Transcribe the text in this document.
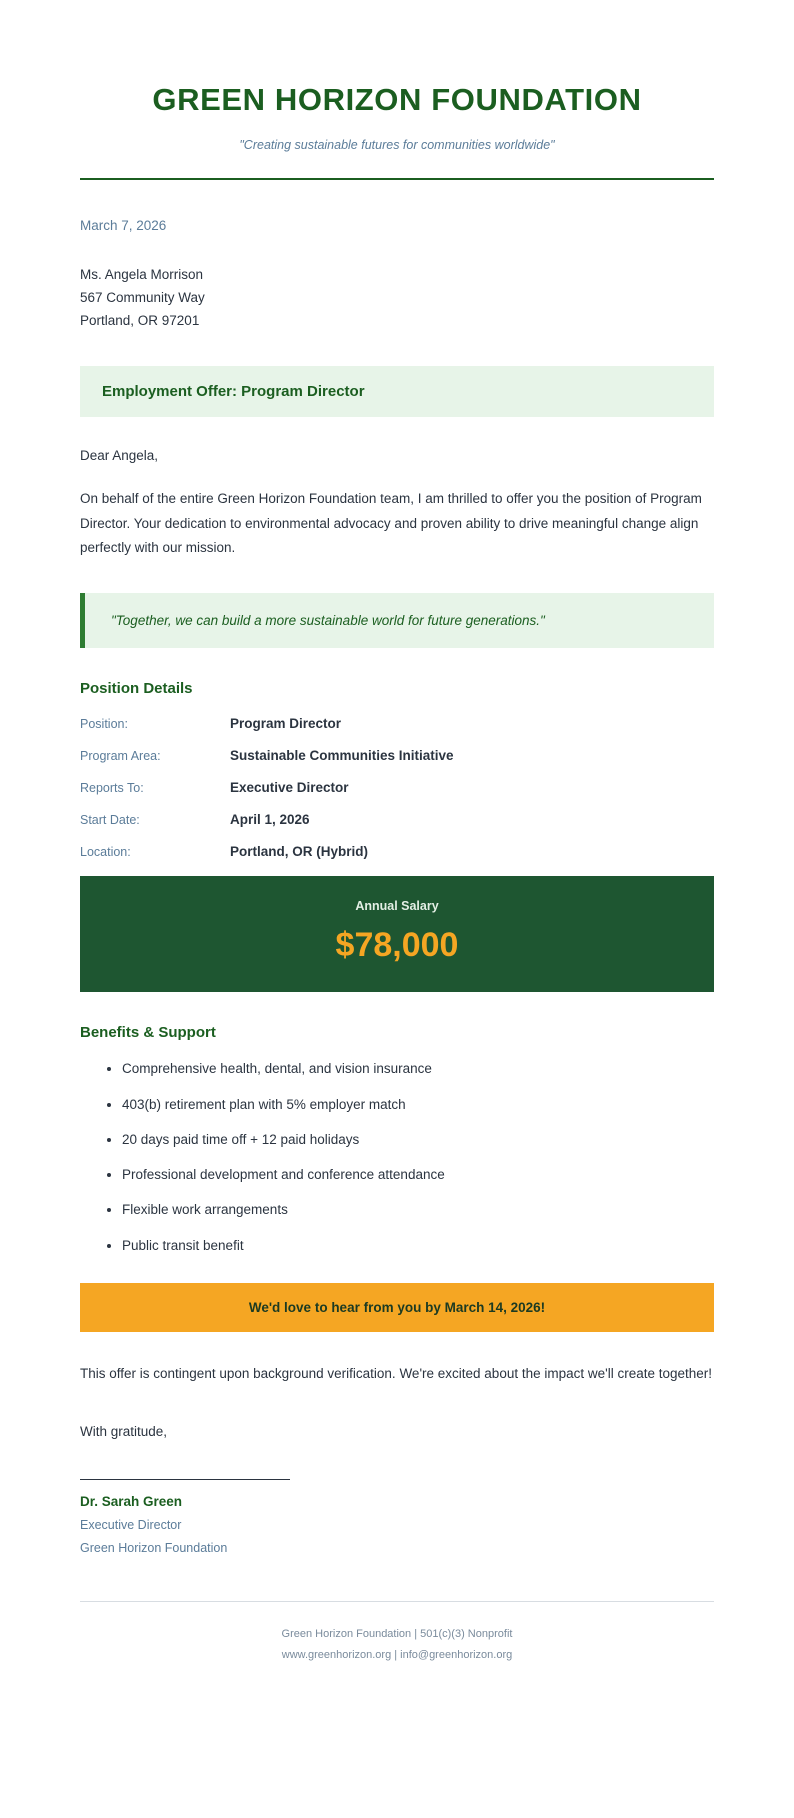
GREEN HORIZON FOUNDATION

"Creating sustainable futures for communities worldwide"

March 7, 2026

Ms. Angela Morrison
567 Community Way
Portland, OR 97201

Employment Offer: Program Director

Dear Angela,

On behalf of the entire Green Horizon Foundation team, I am thrilled to offer you the position of Program Director. Your dedication to environmental advocacy and proven ability to drive meaningful change align perfectly with our mission.

"Together, we can build a more sustainable world for future generations."

Position Details
Position:	Program Director
Program Area:	Sustainable Communities Initiative
Reports To:	Executive Director
Start Date:	April 1, 2026
Location:	Portland, OR (Hybrid)

Annual Salary

$78,000

Benefits & Support
• Comprehensive health, dental, and vision insurance
• 403(b) retirement plan with 5% employer match
• 20 days paid time off + 12 paid holidays
• Professional development and conference attendance
• Flexible work arrangements
• Public transit benefit

We'd love to hear from you by March 14, 2026!

This offer is contingent upon background verification. We're excited about the impact we'll create together!

With gratitude,

Dr. Sarah Green

Executive Director

Green Horizon Foundation

Green Horizon Foundation | 501(c)(3) Nonprofit

www.greenhorizon.org | info@greenhorizon.org
